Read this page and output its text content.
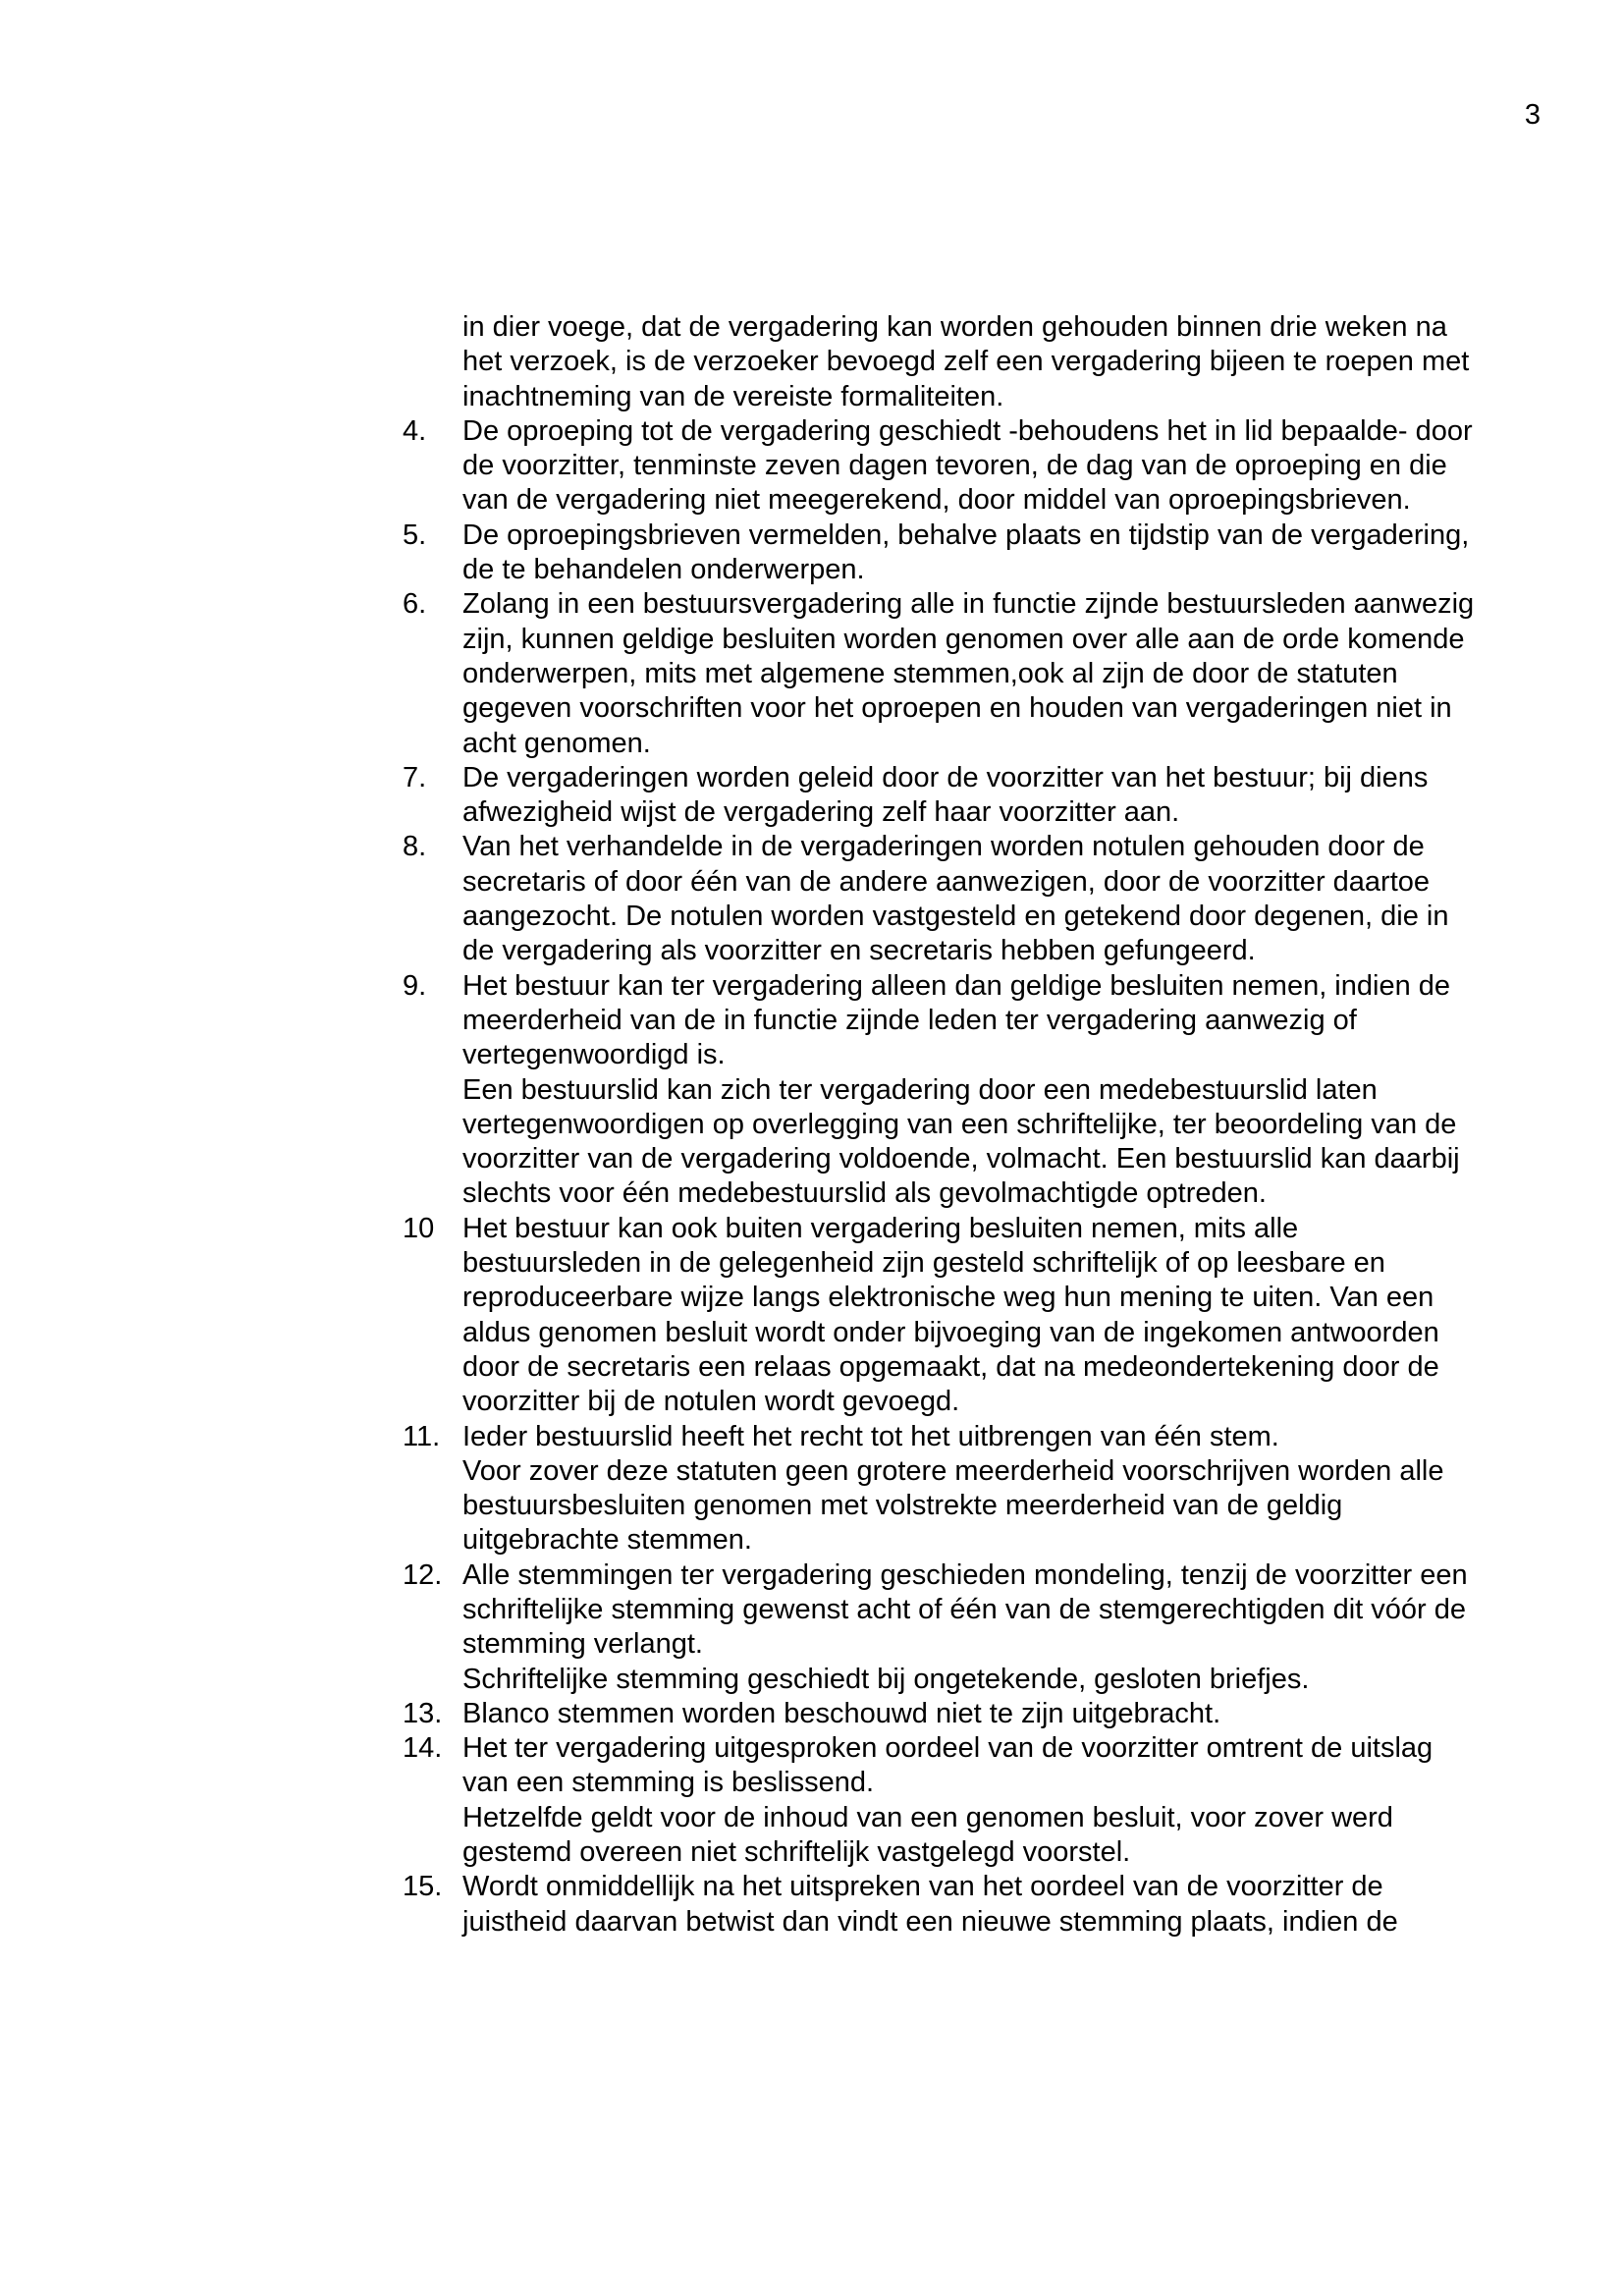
3
in dier voege, dat de vergadering kan worden gehouden binnen drie weken na
het verzoek, is de verzoeker bevoegd zelf een vergadering bijeen te roepen met
inachtneming van de vereiste formaliteiten.
4. De oproeping tot de vergadering geschiedt -behoudens het in lid bepaalde- door
de voorzitter, tenminste zeven dagen tevoren, de dag van de oproeping en die
van de vergadering niet meegerekend, door middel van oproepingsbrieven.
5. De oproepingsbrieven vermelden, behalve plaats en tijdstip van de vergadering,
de te behandelen onderwerpen.
6. Zolang in een bestuursvergadering alle in functie zijnde bestuursleden aanwezig
zijn, kunnen geldige besluiten worden genomen over alle aan de orde komende
onderwerpen, mits met algemene stemmen,ook al zijn de door de statuten
gegeven voorschriften voor het oproepen en houden van vergaderingen niet in
acht genomen.
7. De vergaderingen worden geleid door de voorzitter van het bestuur; bij diens
afwezigheid wijst de vergadering zelf haar voorzitter aan.
8. Van het verhandelde in de vergaderingen worden notulen gehouden door de
secretaris of door één van de andere aanwezigen, door de voorzitter daartoe
aangezocht. De notulen worden vastgesteld en getekend door degenen, die in
de vergadering als voorzitter en secretaris hebben gefungeerd.
9. Het bestuur kan ter vergadering alleen dan geldige besluiten nemen, indien de
meerderheid van de in functie zijnde leden ter vergadering aanwezig of
vertegenwoordigd is.
Een bestuurslid kan zich ter vergadering door een medebestuurslid laten
vertegenwoordigen op overlegging van een schriftelijke, ter beoordeling van de
voorzitter van de vergadering voldoende, volmacht. Een bestuurslid kan daarbij
slechts voor één medebestuurslid als gevolmachtigde optreden.
10 Het bestuur kan ook buiten vergadering besluiten nemen, mits alle
bestuursleden in de gelegenheid zijn gesteld schriftelijk of op leesbare en
reproduceerbare wijze langs elektronische weg hun mening te uiten. Van een
aldus genomen besluit wordt onder bijvoeging van de ingekomen antwoorden
door de secretaris een relaas opgemaakt, dat na medeondertekening door de
voorzitter bij de notulen wordt gevoegd.
11. Ieder bestuurslid heeft het recht tot het uitbrengen van één stem.
Voor zover deze statuten geen grotere meerderheid voorschrijven worden alle
bestuursbesluiten genomen met volstrekte meerderheid van de geldig
uitgebrachte stemmen.
12. Alle stemmingen ter vergadering geschieden mondeling, tenzij de voorzitter een
schriftelijke stemming gewenst acht of één van de stemgerechtigden dit vóór de
stemming verlangt.
Schriftelijke stemming geschiedt bij ongetekende, gesloten briefjes.
13. Blanco stemmen worden beschouwd niet te zijn uitgebracht.
14. Het ter vergadering uitgesproken oordeel van de voorzitter omtrent de uitslag
van een stemming is beslissend.
Hetzelfde geldt voor de inhoud van een genomen besluit, voor zover werd
gestemd overeen niet schriftelijk vastgelegd voorstel.
15. Wordt onmiddellijk na het uitspreken van het oordeel van de voorzitter de
juistheid daarvan betwist dan vindt een nieuwe stemming plaats, indien de
